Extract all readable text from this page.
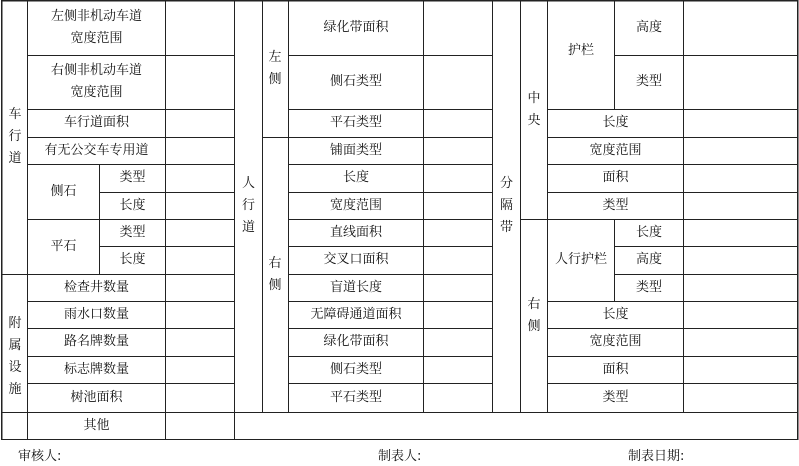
车
行
道
左侧非机动车道
宽度范围
右侧非机动车道
宽度范围
车行道面积
有无公交车专用道
侧石
类型
长度
平石
类型
长度
附
属
设
施
检查井数量
雨水口数量
路名牌数量
标志牌数量
树池面积
其他
人
行
道
左
侧
绿化带面积
侧石类型
平石类型
右
侧
铺面类型
长度
宽度范围
直线面积
交叉口面积
盲道长度
无障碍通道面积
绿化带面积
侧石类型
平石类型
分
隔
带
中
央
护栏
高度
类型
长度
宽度范围
面积
类型
右
侧
人行护栏
长度
高度
类型
长度
宽度范围
面积
类型
审核人:	制表人:	制表日期:
